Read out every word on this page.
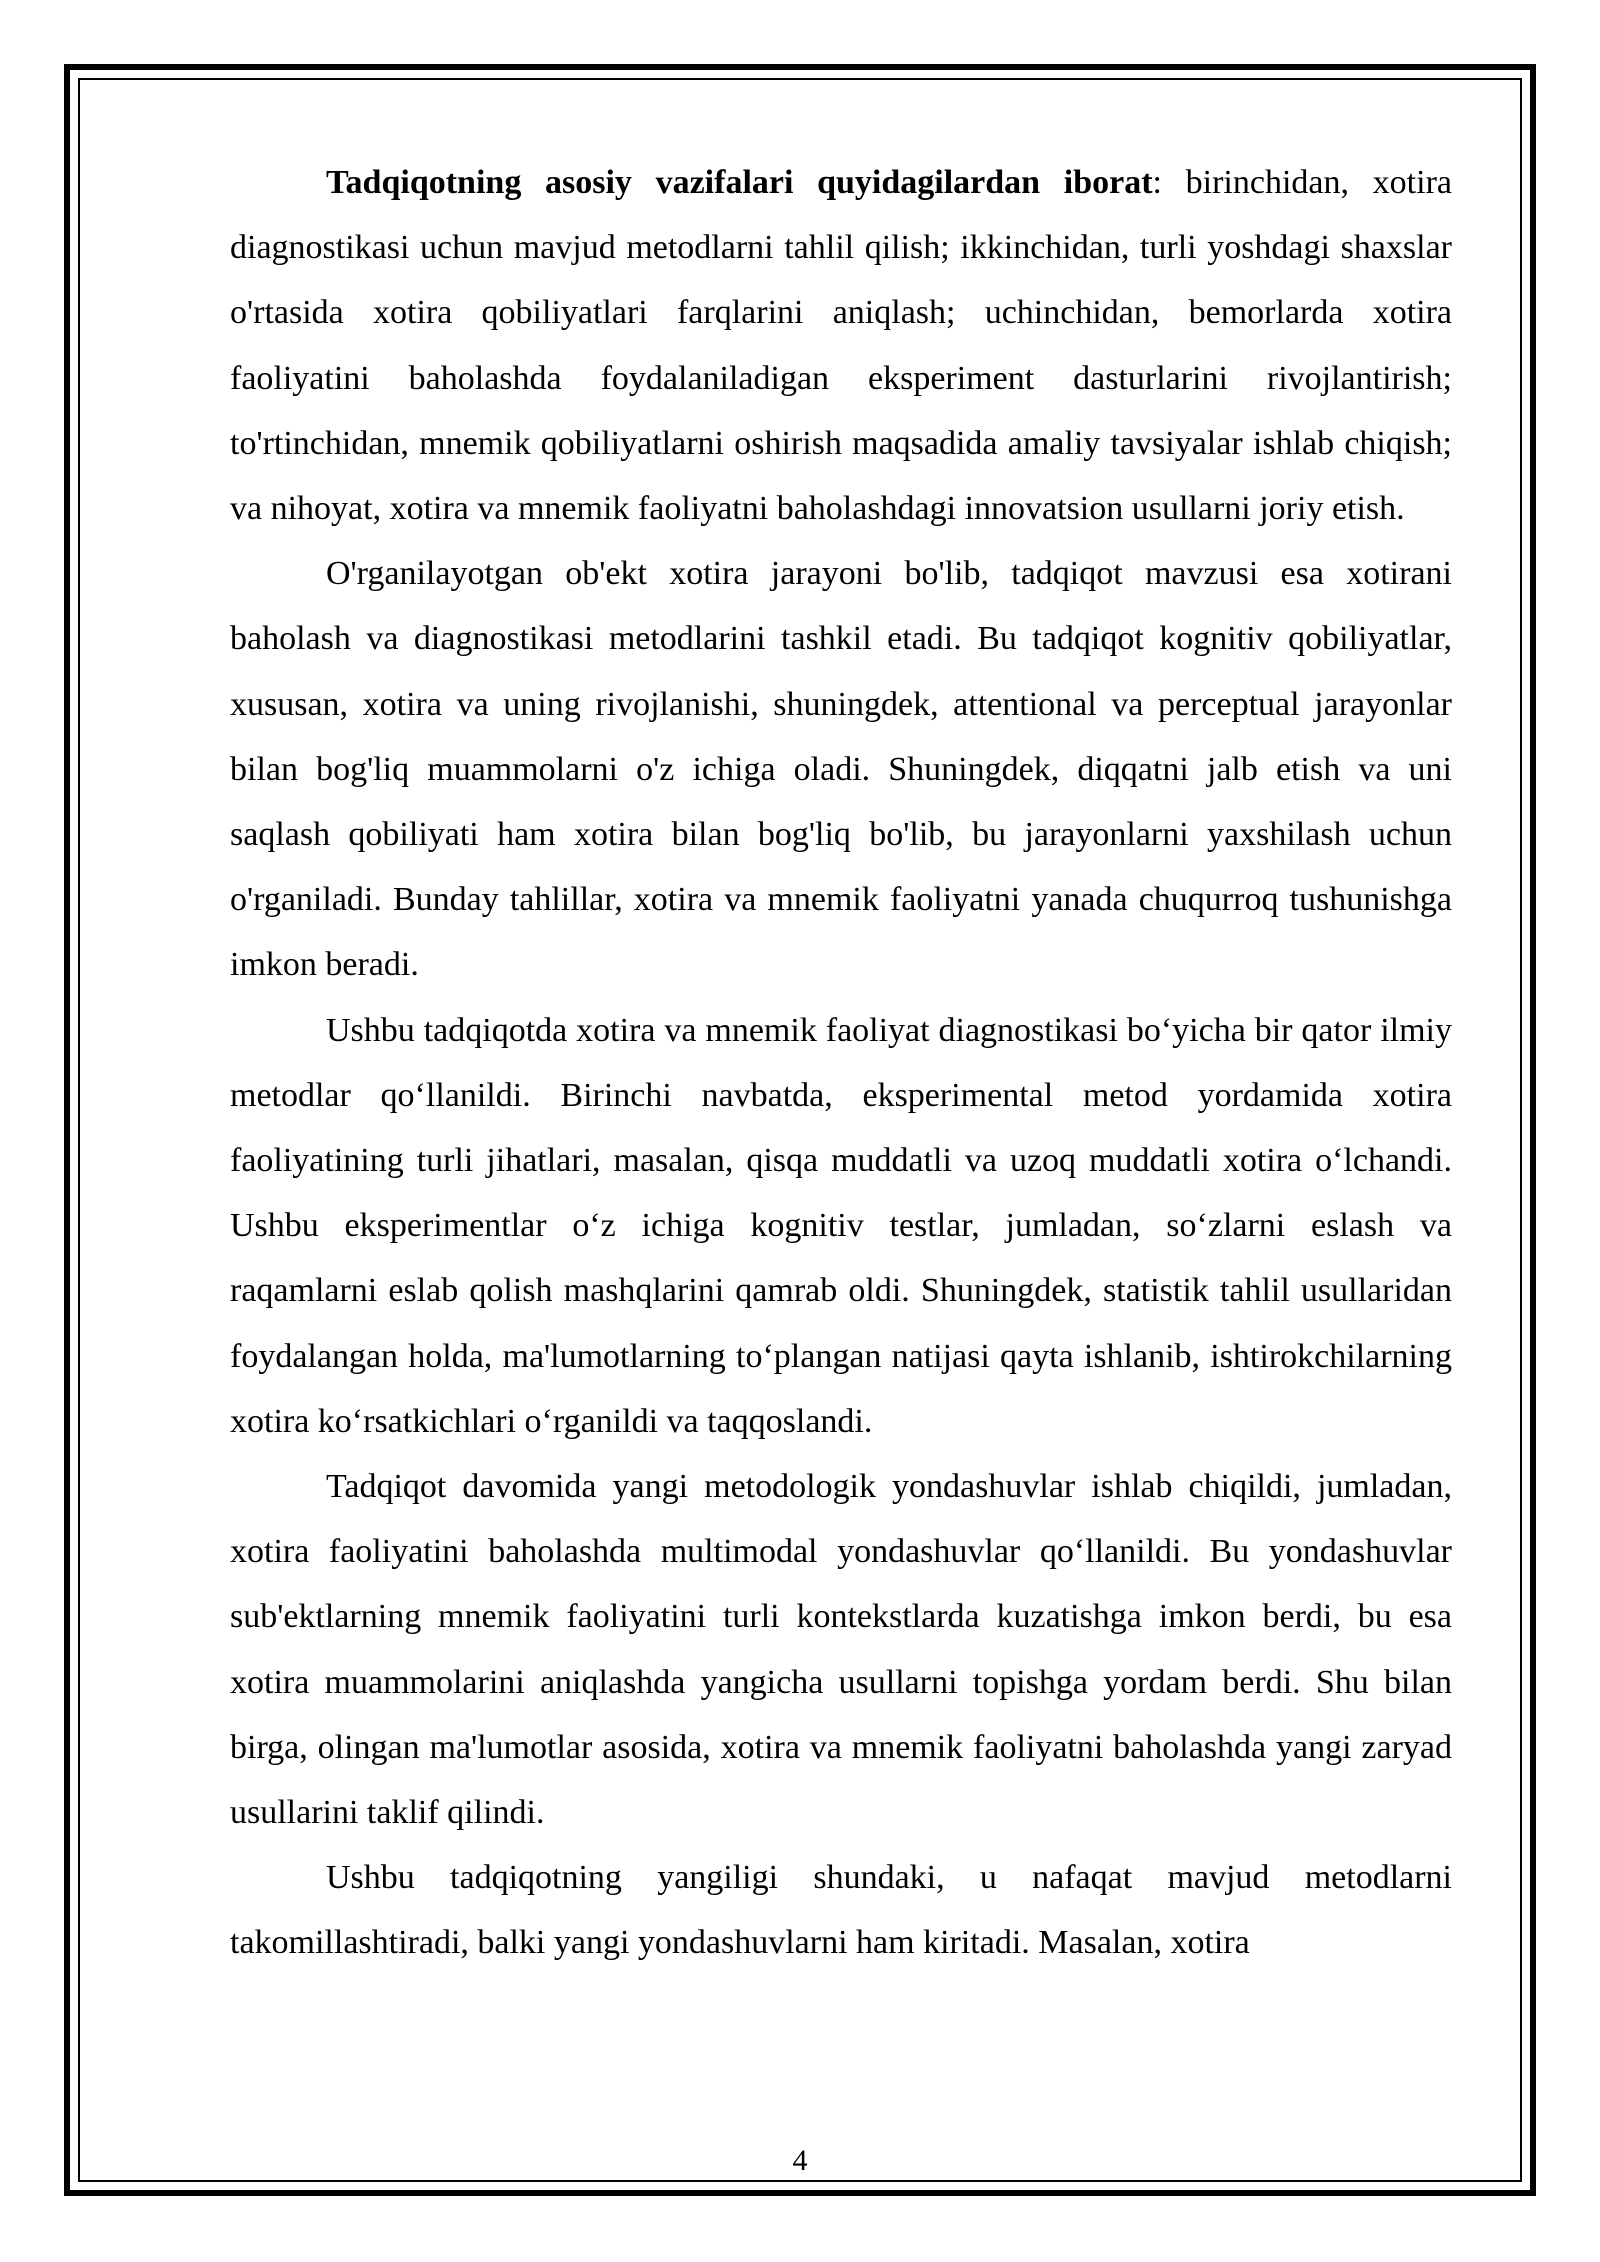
Tadqiqotning asosiy vazifalari quyidagilardan iborat: birinchidan, xotira diagnostikasi uchun mavjud metodlarni tahlil qilish; ikkinchidan, turli yoshdagi shaxslar o'rtasida xotira qobiliyatlari farqlarini aniqlash; uchinchidan, bemorlarda xotira faoliyatini baholashda foydalaniladigan eksperiment dasturlarini rivojlantirish; to'rtinchidan, mnemik qobiliyatlarni oshirish maqsadida amaliy tavsiyalar ishlab chiqish; va nihoyat, xotira va mnemik faoliyatni baholashdagi innovatsion usullarni joriy etish.

O'rganilayotgan ob'ekt xotira jarayoni bo'lib, tadqiqot mavzusi esa xotirani baholash va diagnostikasi metodlarini tashkil etadi. Bu tadqiqot kognitiv qobiliyatlar, xususan, xotira va uning rivojlanishi, shuningdek, attentional va perceptual jarayonlar bilan bog'liq muammolarni o'z ichiga oladi. Shuningdek, diqqatni jalb etish va uni saqlash qobiliyati ham xotira bilan bog'liq bo'lib, bu jarayonlarni yaxshilash uchun o'rganiladi. Bunday tahlillar, xotira va mnemik faoliyatni yanada chuqurroq tushunishga imkon beradi.

Ushbu tadqiqotda xotira va mnemik faoliyat diagnostikasi bo‘yicha bir qator ilmiy metodlar qo‘llanildi. Birinchi navbatda, eksperimental metod yordamida xotira faoliyatining turli jihatlari, masalan, qisqa muddatli va uzoq muddatli xotira o‘lchandi. Ushbu eksperimentlar o‘z ichiga kognitiv testlar, jumladan, so‘zlarni eslash va raqamlarni eslab qolish mashqlarini qamrab oldi. Shuningdek, statistik tahlil usullaridan foydalangan holda, ma'lumotlarning to‘plangan natijasi qayta ishlanib, ishtirokchilarning xotira ko‘rsatkichlari o‘rganildi va taqqoslandi.

Tadqiqot davomida yangi metodologik yondashuvlar ishlab chiqildi, jumladan, xotira faoliyatini baholashda multimodal yondashuvlar qo‘llanildi. Bu yondashuvlar sub'ektlarning mnemik faoliyatini turli kontekstlarda kuzatishga imkon berdi, bu esa xotira muammolarini aniqlashda yangicha usullarni topishga yordam berdi. Shu bilan birga, olingan ma'lumotlar asosida, xotira va mnemik faoliyatni baholashda yangi zaryad usullarini taklif qilindi.

Ushbu tadqiqotning yangiligi shundaki, u nafaqat mavjud metodlarni takomillashtiradi, balki yangi yondashuvlarni ham kiritadi. Masalan, xotira

4
